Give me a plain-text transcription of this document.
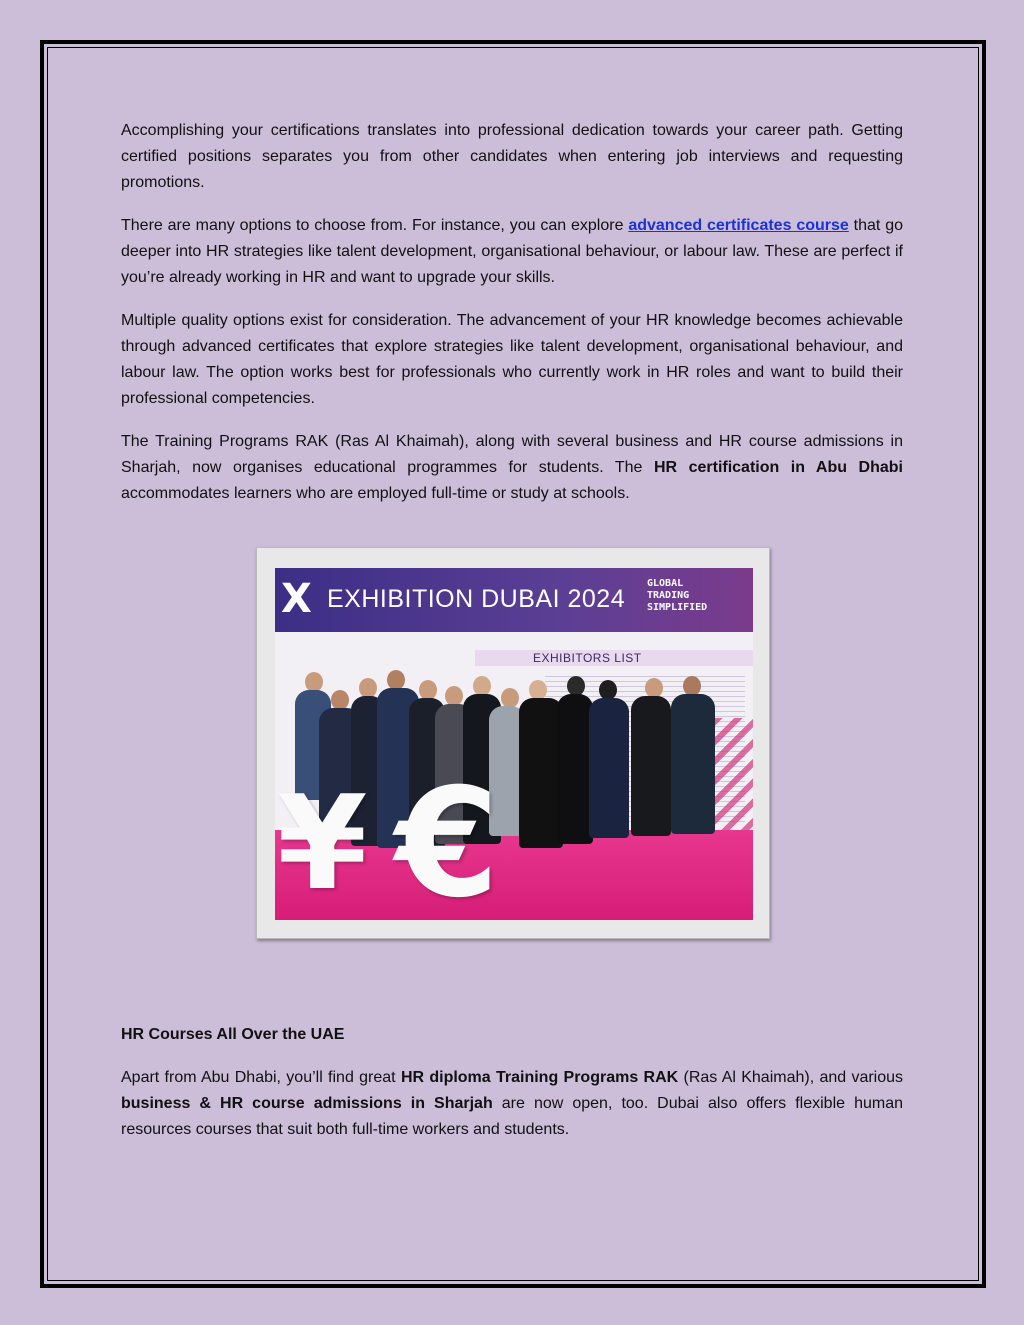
Accomplishing your certifications translates into professional dedication towards your career path. Getting certified positions separates you from other candidates when entering job interviews and requesting promotions.

There are many options to choose from. For instance, you can explore advanced certificates course that go deeper into HR strategies like talent development, organisational behaviour, or labour law. These are perfect if you’re already working in HR and want to upgrade your skills.

Multiple quality options exist for consideration. The advancement of your HR knowledge becomes achievable through advanced certificates that explore strategies like talent development, organisational behaviour, and labour law. The option works best for professionals who currently work in HR roles and want to build their professional competencies.

The Training Programs RAK (Ras Al Khaimah), along with several business and HR course admissions in Sharjah, now organises educational programmes for students. The HR certification in Abu Dhabi accommodates learners who are employed full-time or study at schools.

X EXHIBITION DUBAI 2024
GLOBAL
TRADING
SIMPLIFIED
EXHIBITORS LIST
¥ €
HR Courses All Over the UAE

Apart from Abu Dhabi, you’ll find great HR diploma Training Programs RAK (Ras Al Khaimah), and various business & HR course admissions in Sharjah are now open, too. Dubai also offers flexible human resources courses that suit both full-time workers and students.
